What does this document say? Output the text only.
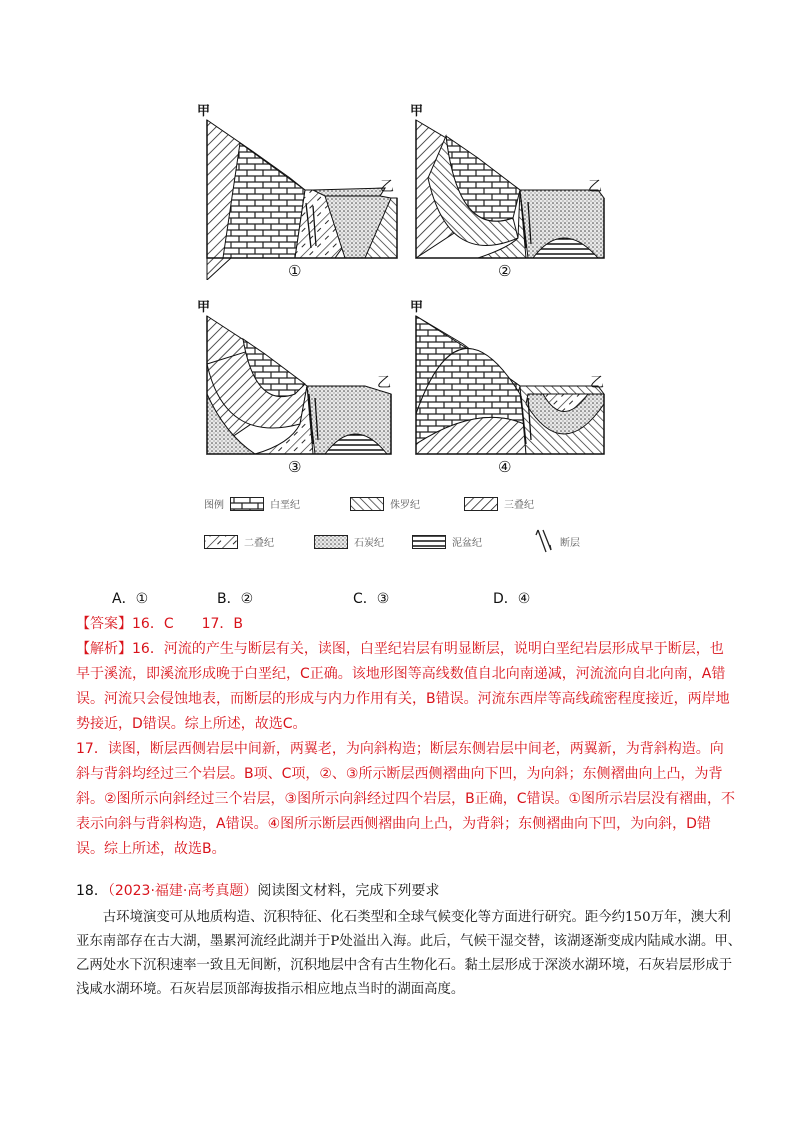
甲
乙
①
甲
乙
②
甲
乙
③
甲
乙
④
图例	白垩纪	侏罗纪	三叠纪
二叠纪	石炭纪	泥盆纪	断层
A．①	B．②	C．③	D．④

【答案】16．C　　17．B

【解析】16．河流的产生与断层有关，读图，白垩纪岩层有明显断层，说明白垩纪岩层形成早于断层，也早于溪流，即溪流形成晚于白垩纪，C正确。该地形图等高线数值自北向南递减，河流流向自北向南，A错误。河流只会侵蚀地表，而断层的形成与内力作用有关，B错误。河流东西岸等高线疏密程度接近，两岸地势接近，D错误。综上所述，故选C。

17．读图，断层西侧岩层中间新，两翼老，为向斜构造；断层东侧岩层中间老，两翼新，为背斜构造。向斜与背斜均经过三个岩层。B项、C项，②、③所示断层西侧褶曲向下凹，为向斜；东侧褶曲向上凸，为背斜。②图所示向斜经过三个岩层，③图所示向斜经过四个岩层，B正确，C错误。①图所示岩层没有褶曲，不表示向斜与背斜构造，A错误。④图所示断层西侧褶曲向上凸，为背斜；东侧褶曲向下凹，为向斜，D错误。综上所述，故选B。

18．（2023·福建·高考真题）阅读图文材料，完成下列要求

古环境演变可从地质构造、沉积特征、化石类型和全球气候变化等方面进行研究。距今约150万年，澳大利亚东南部存在古大湖，墨累河流经此湖并于P处溢出入海。此后，气候干湿交替，该湖逐渐变成内陆咸水湖。甲、乙两处水下沉积速率一致且无间断，沉积地层中含有古生物化石。黏土层形成于深淡水湖环境，石灰岩层形成于浅咸水湖环境。石灰岩层顶部海拔指示相应地点当时的湖面高度。
